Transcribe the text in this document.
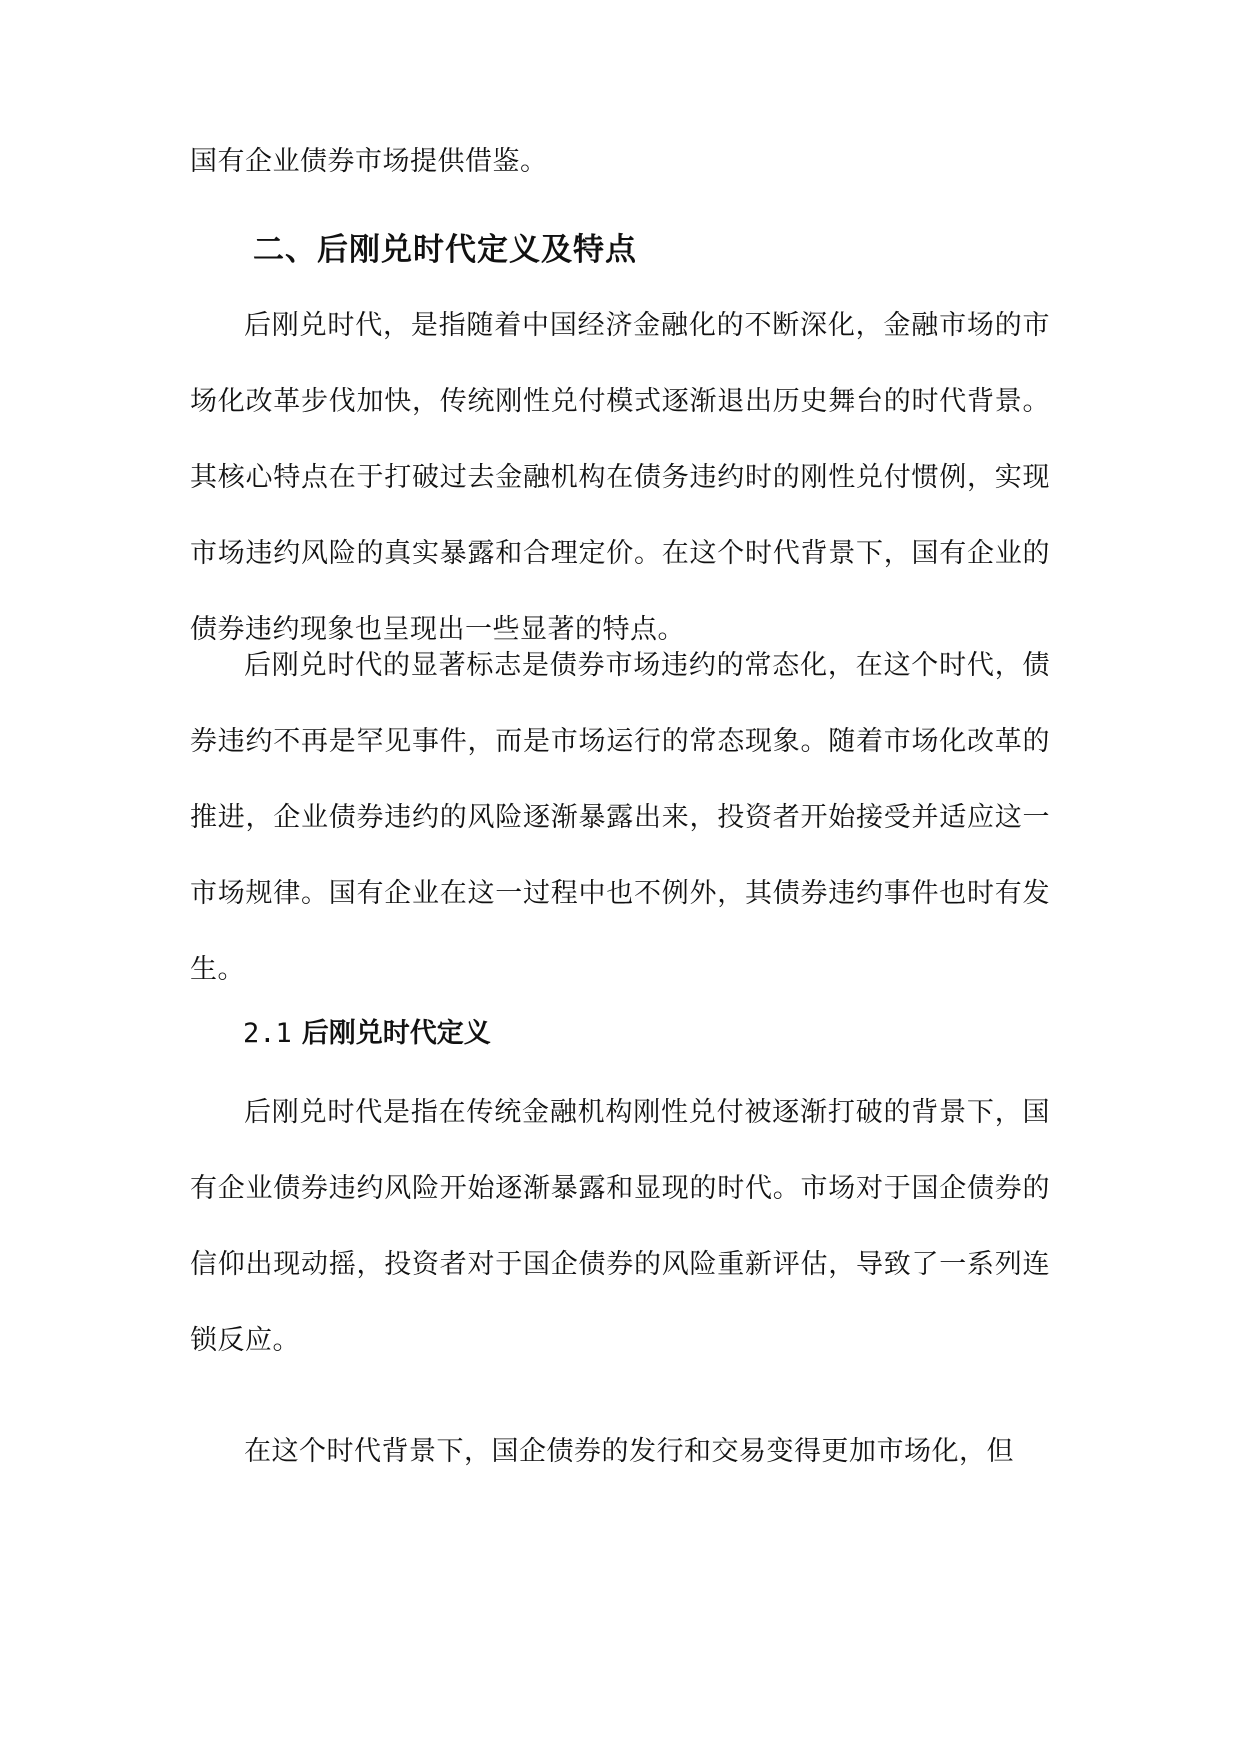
国有企业债券市场提供借鉴。

二、后刚兑时代定义及特点

后刚兑时代，是指随着中国经济金融化的不断深化，金融市场的市场化改革步伐加快，传统刚性兑付模式逐渐退出历史舞台的时代背景。其核心特点在于打破过去金融机构在债务违约时的刚性兑付惯例，实现市场违约风险的真实暴露和合理定价。在这个时代背景下，国有企业的债券违约现象也呈现出一些显著的特点。

后刚兑时代的显著标志是债券市场违约的常态化，在这个时代，债券违约不再是罕见事件，而是市场运行的常态现象。随着市场化改革的推进，企业债券违约的风险逐渐暴露出来，投资者开始接受并适应这一市场规律。国有企业在这一过程中也不例外，其债券违约事件也时有发生。

2.1 后刚兑时代定义

后刚兑时代是指在传统金融机构刚性兑付被逐渐打破的背景下，国有企业债券违约风险开始逐渐暴露和显现的时代。市场对于国企债券的信仰出现动摇，投资者对于国企债券的风险重新评估，导致了一系列连锁反应。

在这个时代背景下，国企债券的发行和交易变得更加市场化，但
